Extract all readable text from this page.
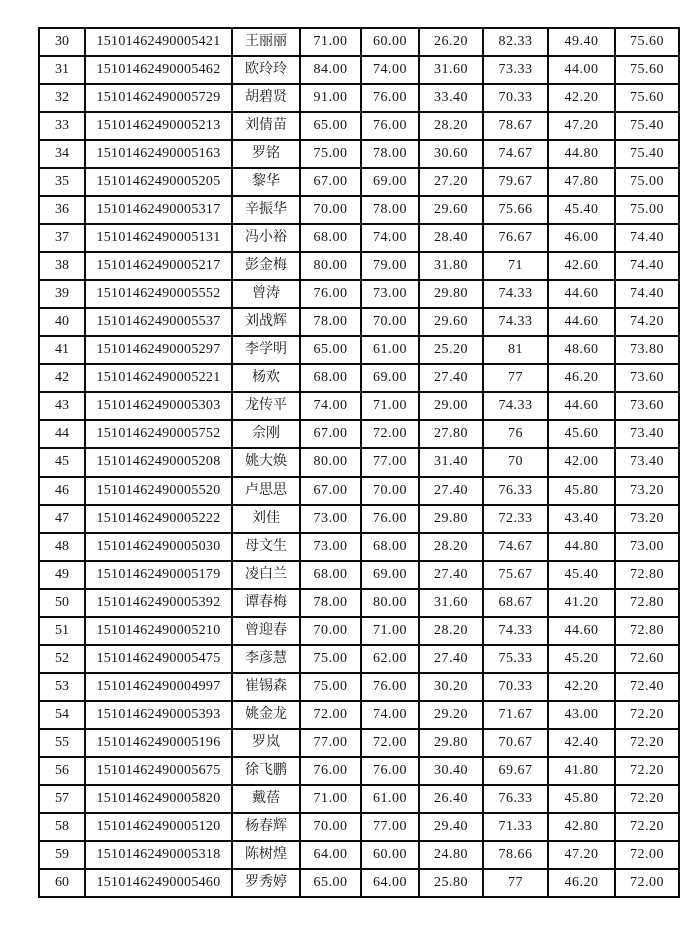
30	15101462490005421	王丽丽	71.00	60.00	26.20	82.33	49.40	75.60
31	15101462490005462	欧玲玲	84.00	74.00	31.60	73.33	44.00	75.60
32	15101462490005729	胡碧贤	91.00	76.00	33.40	70.33	42.20	75.60
33	15101462490005213	刘倩苗	65.00	76.00	28.20	78.67	47.20	75.40
34	15101462490005163	罗铭	75.00	78.00	30.60	74.67	44.80	75.40
35	15101462490005205	黎华	67.00	69.00	27.20	79.67	47.80	75.00
36	15101462490005317	辛振华	70.00	78.00	29.60	75.66	45.40	75.00
37	15101462490005131	冯小裕	68.00	74.00	28.40	76.67	46.00	74.40
38	15101462490005217	彭金梅	80.00	79.00	31.80	71	42.60	74.40
39	15101462490005552	曾涛	76.00	73.00	29.80	74.33	44.60	74.40
40	15101462490005537	刘战辉	78.00	70.00	29.60	74.33	44.60	74.20
41	15101462490005297	李学明	65.00	61.00	25.20	81	48.60	73.80
42	15101462490005221	杨欢	68.00	69.00	27.40	77	46.20	73.60
43	15101462490005303	龙传平	74.00	71.00	29.00	74.33	44.60	73.60
44	15101462490005752	佘刚	67.00	72.00	27.80	76	45.60	73.40
45	15101462490005208	姚大焕	80.00	77.00	31.40	70	42.00	73.40
46	15101462490005520	卢思思	67.00	70.00	27.40	76.33	45.80	73.20
47	15101462490005222	刘佳	73.00	76.00	29.80	72.33	43.40	73.20
48	15101462490005030	母文生	73.00	68.00	28.20	74.67	44.80	73.00
49	15101462490005179	凌白兰	68.00	69.00	27.40	75.67	45.40	72.80
50	15101462490005392	谭春梅	78.00	80.00	31.60	68.67	41.20	72.80
51	15101462490005210	曾迎春	70.00	71.00	28.20	74.33	44.60	72.80
52	15101462490005475	李彦慧	75.00	62.00	27.40	75.33	45.20	72.60
53	15101462490004997	崔锡森	75.00	76.00	30.20	70.33	42.20	72.40
54	15101462490005393	姚金龙	72.00	74.00	29.20	71.67	43.00	72.20
55	15101462490005196	罗岚	77.00	72.00	29.80	70.67	42.40	72.20
56	15101462490005675	徐飞鹏	76.00	76.00	30.40	69.67	41.80	72.20
57	15101462490005820	戴蓓	71.00	61.00	26.40	76.33	45.80	72.20
58	15101462490005120	杨春辉	70.00	77.00	29.40	71.33	42.80	72.20
59	15101462490005318	陈树煌	64.00	60.00	24.80	78.66	47.20	72.00
60	15101462490005460	罗秀婷	65.00	64.00	25.80	77	46.20	72.00
